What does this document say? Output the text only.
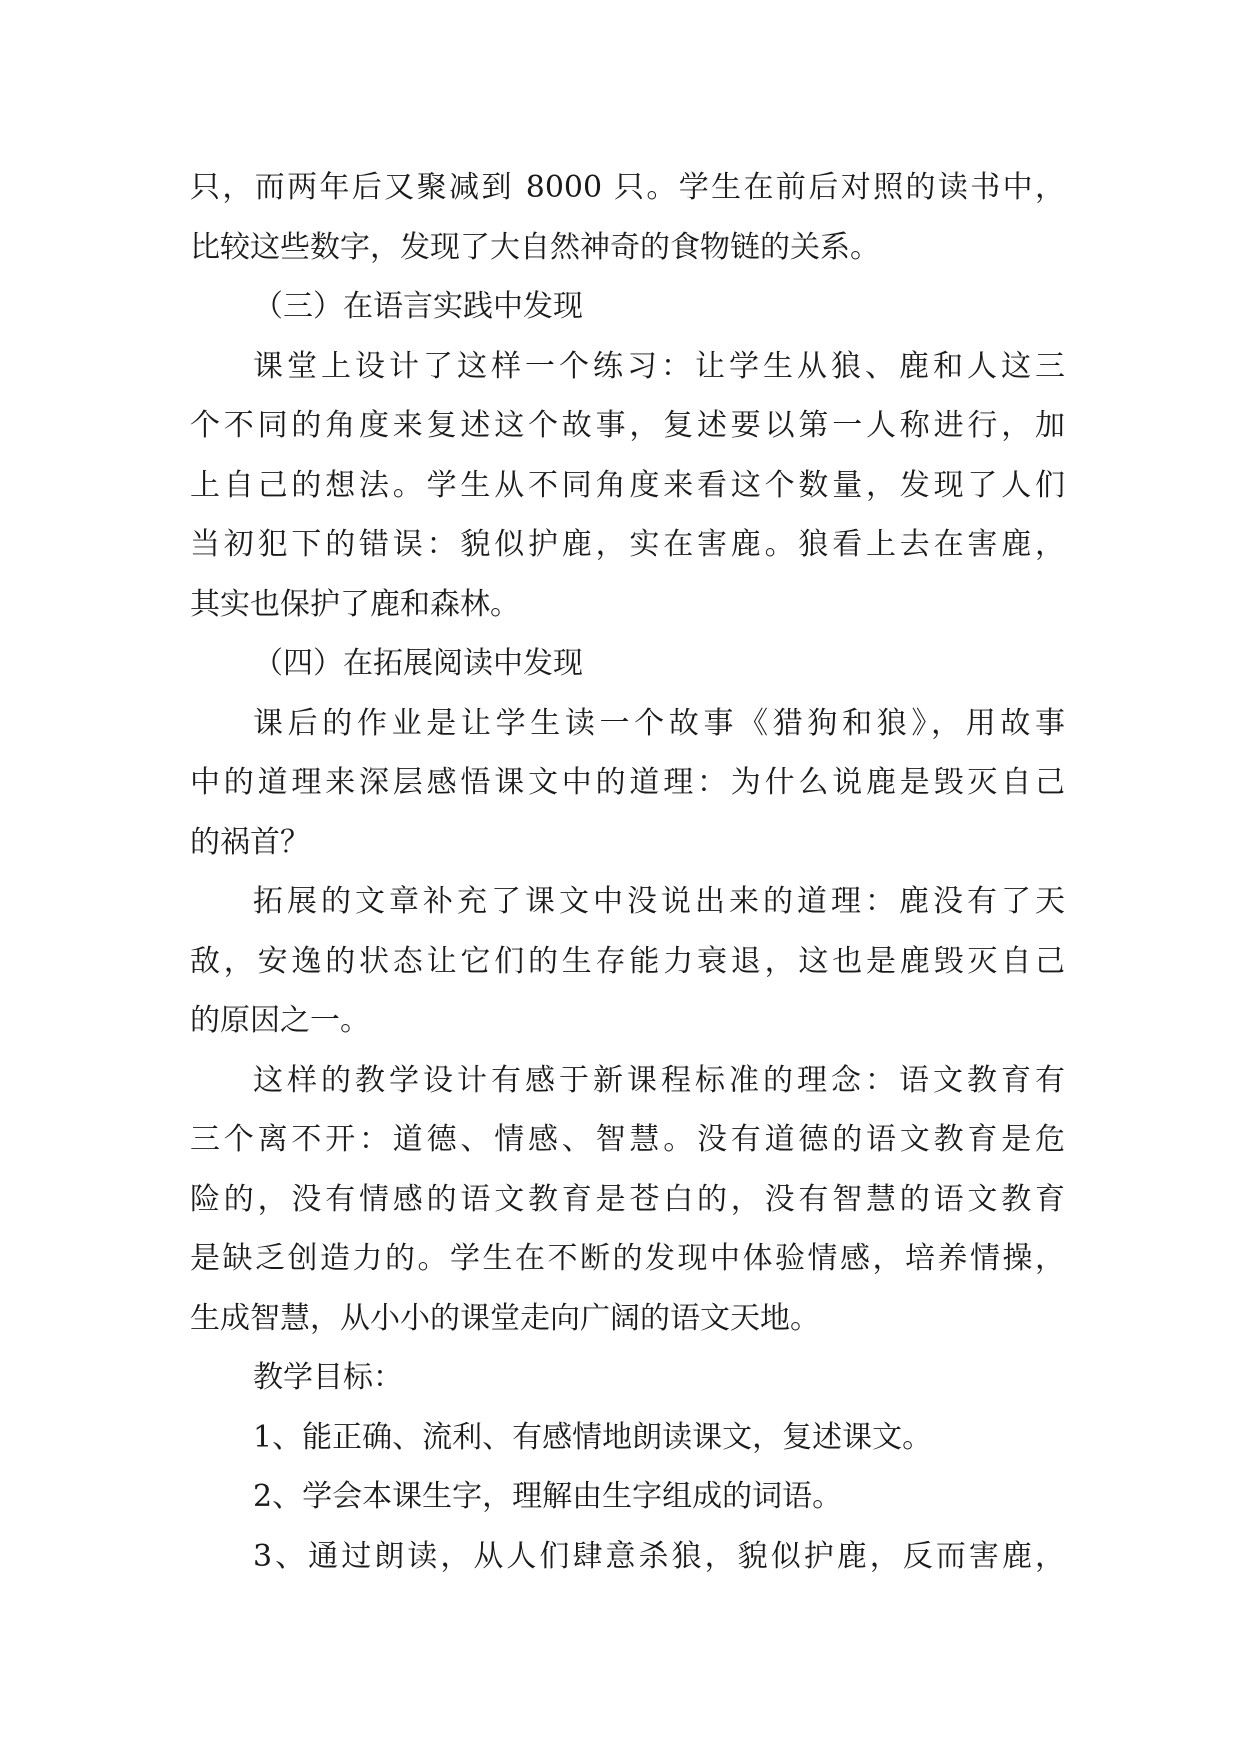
只，而两年后又聚减到 8000 只。学生在前后对照的读书中，
比较这些数字，发现了大自然神奇的食物链的关系。
（三）在语言实践中发现
课堂上设计了这样一个练习：让学生从狼、鹿和人这三
个不同的角度来复述这个故事，复述要以第一人称进行，加
上自己的想法。学生从不同角度来看这个数量，发现了人们
当初犯下的错误：貌似护鹿，实在害鹿。狼看上去在害鹿，
其实也保护了鹿和森林。
（四）在拓展阅读中发现
课后的作业是让学生读一个故事《猎狗和狼》，用故事
中的道理来深层感悟课文中的道理：为什么说鹿是毁灭自己
的祸首？
拓展的文章补充了课文中没说出来的道理：鹿没有了天
敌，安逸的状态让它们的生存能力衰退，这也是鹿毁灭自己
的原因之一。
这样的教学设计有感于新课程标准的理念：语文教育有
三个离不开：道德、情感、智慧。没有道德的语文教育是危
险的，没有情感的语文教育是苍白的，没有智慧的语文教育
是缺乏创造力的。学生在不断的发现中体验情感，培养情操，
生成智慧，从小小的课堂走向广阔的语文天地。
教学目标：
1、能正确、流利、有感情地朗读课文，复述课文。
2、学会本课生字，理解由生字组成的词语。
3、通过朗读，从人们肆意杀狼，貌似护鹿，反而害鹿，
